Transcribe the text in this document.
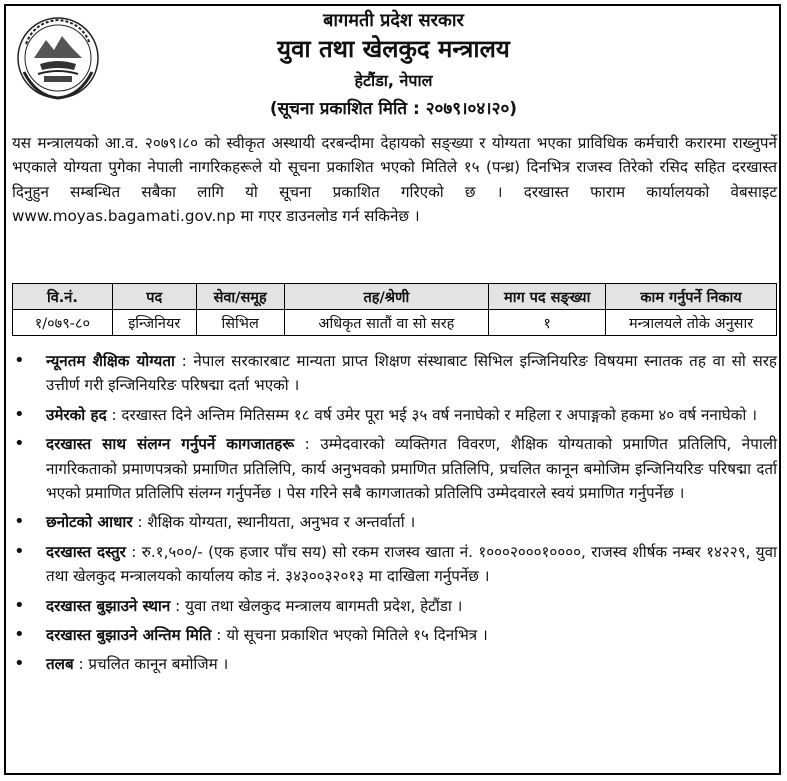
बागमती प्रदेश सरकार
युवा तथा खेलकुद मन्त्रालय
हेटौंडा, नेपाल
(सूचना प्रकाशित मिति : २०७९।०४।२०)
यस मन्त्रालयको आ.व. २०७९।८० को स्वीकृत अस्थायी दरबन्दीमा देहायको सङ्ख्या र योग्यता भएका प्राविधिक कर्मचारी करारमा राख्नुपर्ने भएकाले योग्यता पुगेका नेपाली नागरिकहरूले यो सूचना प्रकाशित भएको मितिले १५ (पन्ध्र) दिनभित्र राजस्व तिरेको रसिद सहित दरखास्त दिनुहुन सम्बन्धित सबैका लागि यो सूचना प्रकाशित गरिएको छ । दरखास्त फाराम कार्यालयको वेबसाइट www.moyas.bagamati.gov.np मा गएर डाउनलोड गर्न सकिनेछ ।
वि.नं.	पद	सेवा/समूह	तह/श्रेणी	माग पद सङ्ख्या	काम गर्नुपर्ने निकाय
१/०७९-८०	इन्जिनियर	सिभिल	अधिकृत सातौं वा सो सरह	१	मन्त्रालयले तोके अनुसार
• न्यूनतम शैक्षिक योग्यता : नेपाल सरकारबाट मान्यता प्राप्त शिक्षण संस्थाबाट सिभिल इन्जिनियरिङ विषयमा स्नातक तह वा सो सरह उत्तीर्ण गरी इन्जिनियरिङ परिषद्मा दर्ता भएको ।
• उमेरको हद : दरखास्त दिने अन्तिम मितिसम्म १८ वर्ष उमेर पूरा भई ३५ वर्ष ननाघेको र महिला र अपाङ्गको हकमा ४० वर्ष ननाघेको ।
• दरखास्त साथ संलग्न गर्नुपर्ने कागजातहरू : उम्मेदवारको व्यक्तिगत विवरण, शैक्षिक योग्यताको प्रमाणित प्रतिलिपि, नेपाली नागरिकताको प्रमाणपत्रको प्रमाणित प्रतिलिपि, कार्य अनुभवको प्रमाणित प्रतिलिपि, प्रचलित कानून बमोजिम इन्जिनियरिङ परिषद्मा दर्ता भएको प्रमाणित प्रतिलिपि संलग्न गर्नुपर्नेछ । पेस गरिने सबै कागजातको प्रतिलिपि उम्मेदवारले स्वयं प्रमाणित गर्नुपर्नेछ ।
• छनोटको आधार : शैक्षिक योग्यता, स्थानीयता, अनुभव र अन्तर्वार्ता ।
• दरखास्त दस्तुर : रु.१,५००/- (एक हजार पाँच सय) सो रकम राजस्व खाता नं. १०००२०००१००००, राजस्व शीर्षक नम्बर १४२२९, युवा तथा खेलकुद मन्त्रालयको कार्यालय कोड नं. ३४३००३२०१३ मा दाखिला गर्नुपर्नेछ ।
• दरखास्त बुझाउने स्थान : युवा तथा खेलकुद मन्त्रालय बागमती प्रदेश, हेटौंडा ।
• दरखास्त बुझाउने अन्तिम मिति : यो सूचना प्रकाशित भएको मितिले १५ दिनभित्र ।
• तलब : प्रचलित कानून बमोजिम ।
